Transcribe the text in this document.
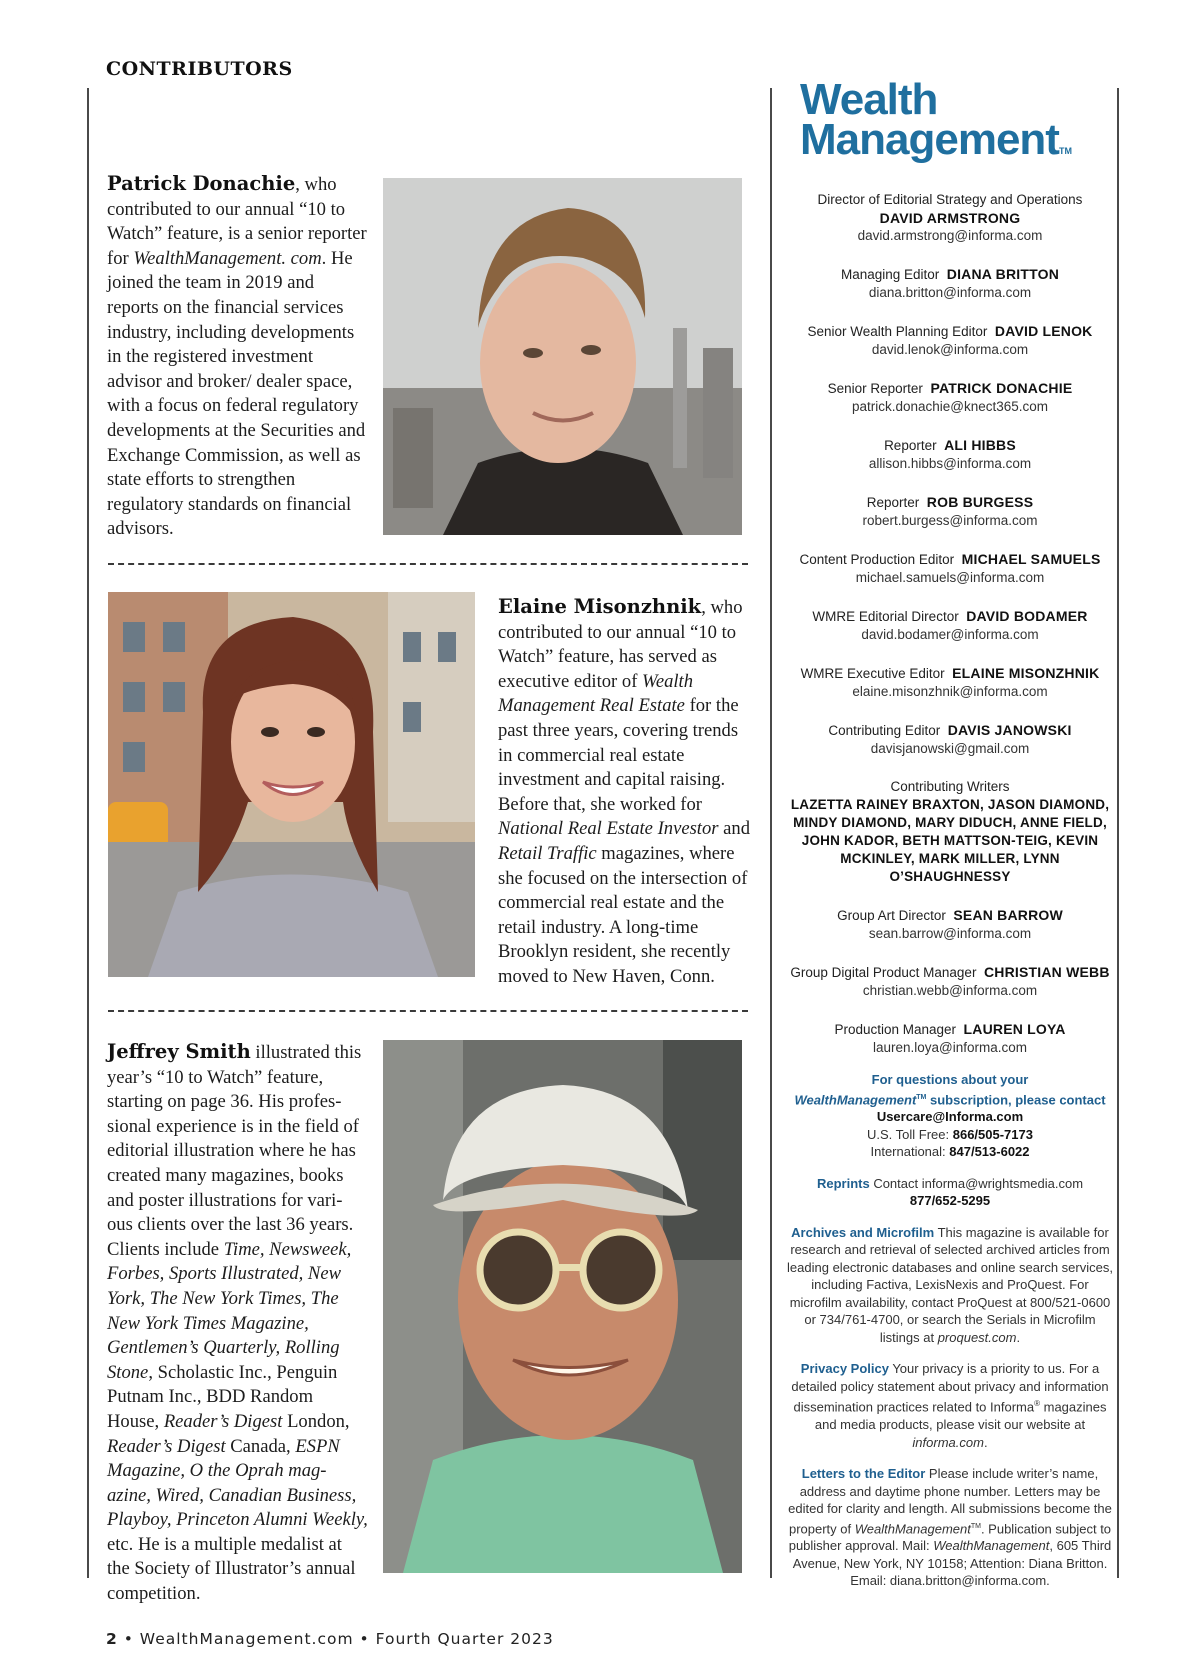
CONTRIBUTORS

Patrick Donachie, who contributed to our annual “10 to Watch” feature, is a senior reporter for WealthManagement. com. He joined the team in 2019 and reports on the financial services industry, including developments in the registered investment advisor and broker/ dealer space, with a focus on federal regulatory developments at the Securities and Exchange Commission, as well as state efforts to strengthen regulatory standards on financial advisors.

Elaine Misonzhnik, who contributed to our annual “10 to Watch” feature, has served as executive editor of Wealth Management Real Estate for the past three years, covering trends in commercial real estate investment and capital raising. Before that, she worked for National Real Estate Investor and Retail Traffic magazines, where she focused on the intersection of commercial real estate and the retail industry. A long-time Brooklyn resident, she recently moved to New Haven, Conn.

Jeffrey Smith illustrated this year’s “10 to Watch” feature, starting on page 36. His profes- sional experience is in the field of editorial illustration where he has created many magazines, books and poster illustrations for vari- ous clients over the last 36 years. Clients include Time, Newsweek, Forbes, Sports Illustrated, New York, The New York Times, The New York Times Magazine, Gentlemen’s Quarterly, Rolling Stone, Scholastic Inc., Penguin Putnam Inc., BDD Random House, Reader’s Digest London, Reader’s Digest Canada, ESPN Magazine, O the Oprah mag- azine, Wired, Canadian Business, Playboy, Princeton Alumni Weekly, etc. He is a multiple medalist at the Society of Illustrator’s annual competition.

Wealth
ManagementTM
Director of Editorial Strategy and Operations
DAVID ARMSTRONG
david.armstrong@informa.com
Managing Editor DIANA BRITTON
diana.britton@informa.com
Senior Wealth Planning Editor DAVID LENOK
david.lenok@informa.com
Senior Reporter PATRICK DONACHIE
patrick.donachie@knect365.com
Reporter ALI HIBBS
allison.hibbs@informa.com
Reporter ROB BURGESS
robert.burgess@informa.com
Content Production Editor MICHAEL SAMUELS
michael.samuels@informa.com
WMRE Editorial Director DAVID BODAMER
david.bodamer@informa.com
WMRE Executive Editor ELAINE MISONZHNIK
elaine.misonzhnik@informa.com
Contributing Editor DAVIS JANOWSKI
davisjanowski@gmail.com
Contributing Writers
LAZETTA RAINEY BRAXTON, JASON DIAMOND, MINDY DIAMOND, MARY DIDUCH, ANNE FIELD, JOHN KADOR, BETH MATTSON-TEIG, KEVIN MCKINLEY, MARK MILLER, LYNN O’SHAUGHNESSY
Group Art Director SEAN BARROW
sean.barrow@informa.com
Group Digital Product Manager CHRISTIAN WEBB
christian.webb@informa.com
Production Manager LAUREN LOYA
lauren.loya@informa.com
For questions about your
WealthManagement™ subscription, please contact
Usercare@Informa.com
U.S. Toll Free: 866/505-7173
International: 847/513-6022
Reprints Contact informa@wrightsmedia.com
877/652-5295
Archives and Microfilm This magazine is available for research and retrieval of selected archived articles from leading electronic databases and online search services, including Factiva, LexisNexis and ProQuest. For microfilm availability, contact ProQuest at 800/521-0600 or 734/761-4700, or search the Serials in Microfilm listings at proquest.com.
Privacy Policy Your privacy is a priority to us. For a detailed policy statement about privacy and information dissemination practices related to Informa® magazines and media products, please visit our website at informa.com.
Letters to the Editor Please include writer’s name, address and daytime phone number. Letters may be edited for clarity and length. All submissions become the property of WealthManagement™. Publication subject to publisher approval. Mail: WealthManagement, 605 Third Avenue, New York, NY 10158; Attention: Diana Britton. Email: diana.britton@informa.com.
2 • WealthManagement.com • Fourth Quarter 2023
